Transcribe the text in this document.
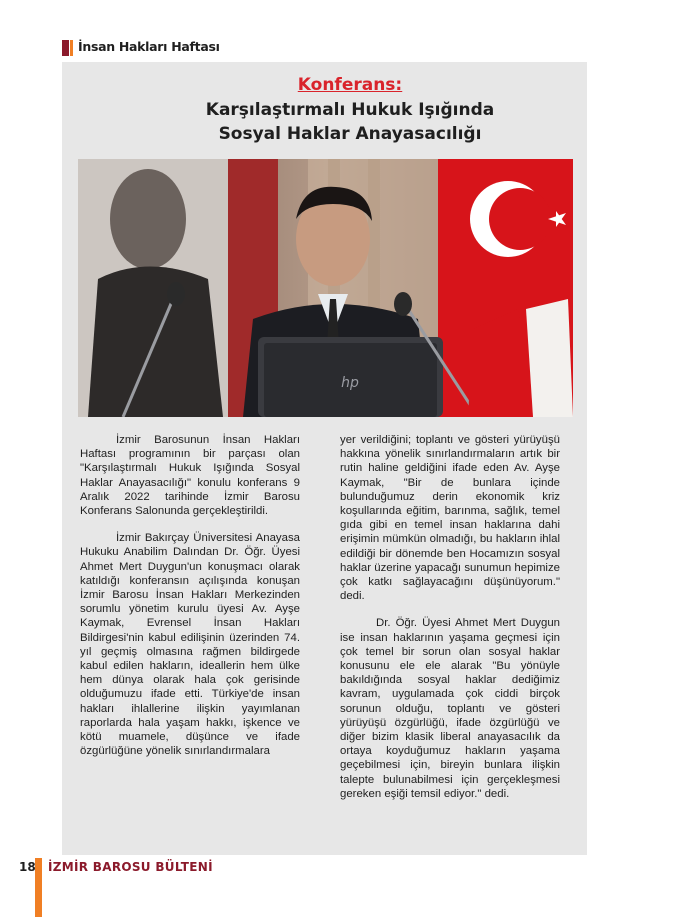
İnsan Hakları Haftası
Konferans:
Karşılaştırmalı Hukuk Işığında
Sosyal Haklar Anayasacılığı
hp

İzmir Barosunun İnsan Hakları Haftası programının bir parçası olan "Karşılaştırmalı Hukuk Işığında Sosyal Haklar Anayasacılığı" konulu konferans 9 Aralık 2022 tarihinde İzmir Barosu Konferans Salonunda gerçekleştirildi.

İzmir Bakırçay Üniversitesi Anayasa Hukuku Anabilim Dalından Dr. Öğr. Üyesi Ahmet Mert Duygun'un konuşmacı olarak katıldığı konferansın açılışında konuşan İzmir Barosu İnsan Hakları Merkezinden sorumlu yönetim kurulu üyesi Av. Ayşe Kaymak, Evrensel İnsan Hakları Bildirgesi'nin kabul edilişinin üzerinden 74. yıl geçmiş olmasına rağmen bildirgede kabul edilen hakların, ideallerin hem ülke hem dünya olarak hala çok gerisinde olduğumuzu ifade etti. Türkiye'de insan hakları ihlallerine ilişkin yayımlanan raporlarda hala yaşam hakkı, işkence ve kötü muamele, düşünce ve ifade özgürlüğüne yönelik sınırlandırmalara

yer verildiğini; toplantı ve gösteri yürüyüşü hakkına yönelik sınırlandırmaların artık bir rutin haline geldiğini ifade eden Av. Ayşe Kaymak, "Bir de bunlara içinde bulunduğumuz derin ekonomik kriz koşullarında eğitim, barınma, sağlık, temel gıda gibi en temel insan haklarına dahi erişimin mümkün olmadığı, bu hakların ihlal edildiği bir dönemde ben Hocamızın sosyal haklar üzerine yapacağı sunumun hepimize çok katkı sağlayacağını düşünüyorum." dedi.

Dr. Öğr. Üyesi Ahmet Mert Duygun ise insan haklarının yaşama geçmesi için çok temel bir sorun olan sosyal haklar konusunu ele ele alarak "Bu yönüyle bakıldığında sosyal haklar dediğimiz kavram, uygulamada çok ciddi birçok sorunun olduğu, toplantı ve gösteri yürüyüşü özgürlüğü, ifade özgürlüğü ve diğer bizim klasik liberal anayasacılık da ortaya koyduğumuz hakların yaşama geçebilmesi için, bireyin bunlara ilişkin talepte bulunabilmesi için gerçekleşmesi gereken eşiği temsil ediyor." dedi.

18 İZMİR BAROSU BÜLTENİ
